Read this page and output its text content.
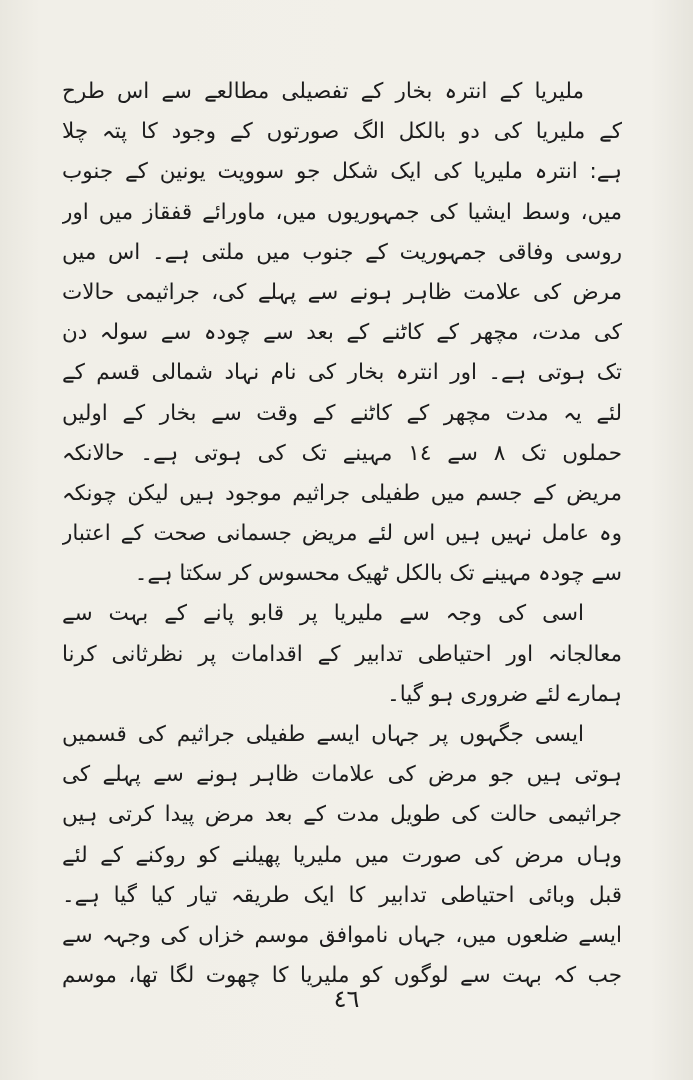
ملیریا کے انترہ بخار کے تفصیلی مطالعے سے اس طرح
کے ملیریا کی دو بالکل الگ صورتوں کے وجود کا پتہ چلا
ہے: انترہ ملیریا کی ایک شکل جو سوویت یونین کے جنوب
میں، وسط ایشیا کی جمہوریوں میں، ماورائے قفقاز میں اور
روسی وفاقی جمہوریت کے جنوب میں ملتی ہے۔ اس میں
مرض کی علامت ظاہر ہونے سے پہلے کی، جراثیمی حالات
کی مدت، مچھر کے کاٹنے کے بعد سے چودہ سے سولہ دن
تک ہوتی ہے۔ اور انترہ بخار کی نام نہاد شمالی قسم کے
لئے یہ مدت مچھر کے کاٹنے کے وقت سے بخار کے اولیں
حملوں تک ۸ سے ١٤ مہینے تک کی ہوتی ہے۔ حالانکہ
مریض کے جسم میں طفیلی جراثیم موجود ہیں لیکن چونکہ
وہ عامل نہیں ہیں اس لئے مریض جسمانی صحت کے اعتبار
سے چودہ مہینے تک بالکل ٹھیک محسوس کر سکتا ہے۔
اسی کی وجہ سے ملیریا پر قابو پانے کے بہت سے
معالجانہ اور احتیاطی تدابیر کے اقدامات پر نظرثانی کرنا
ہمارے لئے ضروری ہو گیا۔
ایسی جگہوں پر جہاں ایسے طفیلی جراثیم کی قسمیں
ہوتی ہیں جو مرض کی علامات ظاہر ہونے سے پہلے کی
جراثیمی حالت کی طویل مدت کے بعد مرض پیدا کرتی ہیں
وہاں مرض کی صورت میں ملیریا پھیلنے کو روکنے کے لئے
قبل وبائی احتیاطی تدابیر کا ایک طریقہ تیار کیا گیا ہے۔
ایسے ضلعوں میں، جہاں ناموافق موسم خزاں کی وجہہ سے
جب کہ بہت سے لوگوں کو ملیریا کا چھوت لگا تھا، موسم
٤٦
